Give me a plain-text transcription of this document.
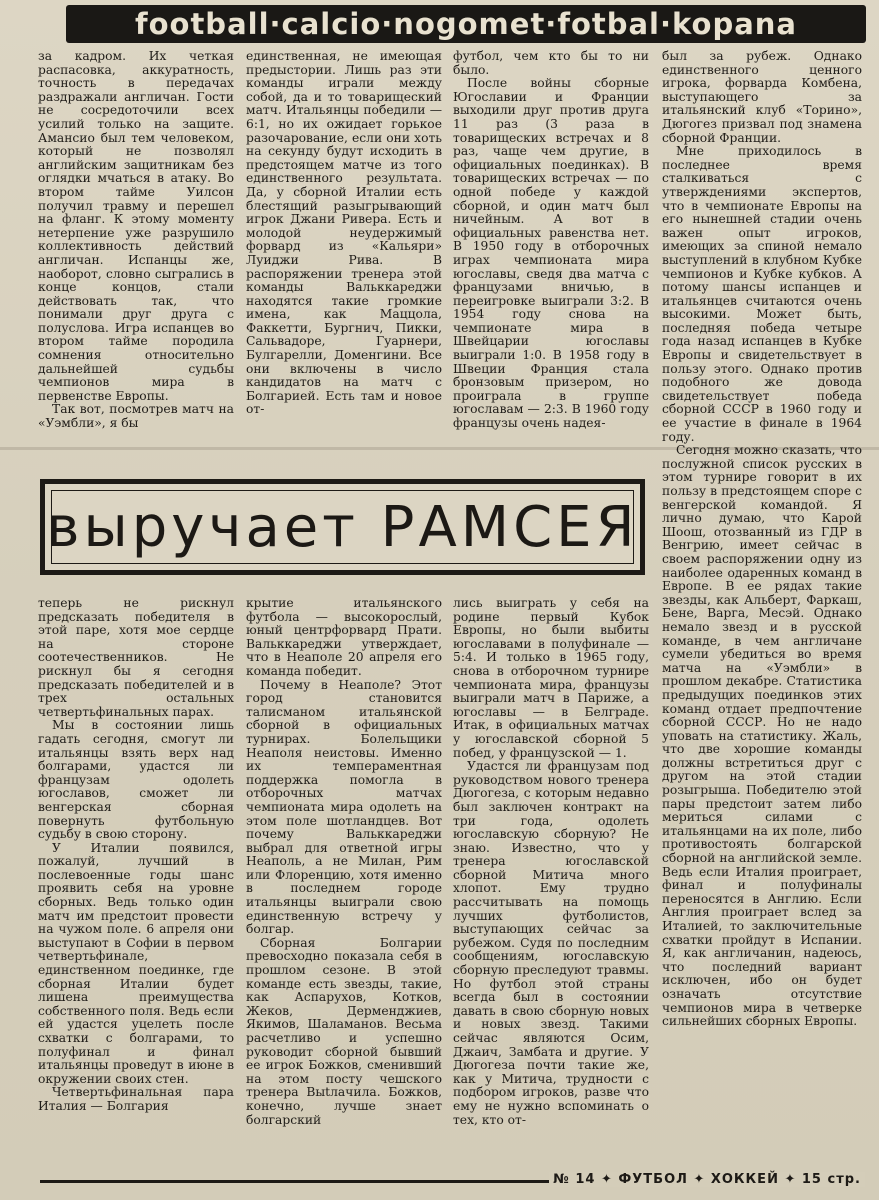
football·calcio·nogomet·fotbal·kopana

за кадром. Их четкая распасовка, аккуратность, точность в передачах раздражали англичан. Гости не сосредоточили всех усилий только на защите. Амансио был тем человеком, который не позволял английским защитникам без оглядки мчаться в атаку. Во втором тайме Уилсон получил травму и перешел на фланг. К этому моменту нетерпение уже разрушило коллективность действий англичан. Испанцы же, наоборот, словно сыгрались в конце концов, стали действовать так, что понимали друг друга с полуслова. Игра испанцев во втором тайме породила сомнения относительно дальнейшей судьбы чемпионов мира в первенстве Европы.

Так вот, посмотрев матч на «Уэмбли», я бы

единственная, не имеющая предыстории. Лишь раз эти команды играли между собой, да и то товарищеский матч. Итальянцы победили — 6:1, но их ожидает горькое разочарование, если они хоть на секунду будут исходить в предстоящем матче из того единственного результата. Да, у сборной Италии есть блестящий разыгрывающий игрок Джани Ривера. Есть и молодой неудержимый форвард из «Кальяри» Луиджи Рива. В распоряжении тренера этой команды Вальккареджи находятся такие громкие имена, как Маццола, Факкетти, Бургнич, Пикки, Сальвадоре, Гуарнери, Булгарелли, Доменгини. Все они включены в число кандидатов на матч с Болгарией. Есть там и новое от-

футбол, чем кто бы то ни было.

После войны сборные Югославии и Франции выходили друг против друга 11 раз (3 раза в товарищеских встречах и 8 раз, чаще чем другие, в официальных поединках). В товарищеских встречах — по одной победе у каждой сборной, и один матч был ничейным. А вот в официальных равенства нет. В 1950 году в отборочных играх чемпионата мира югославы, сведя два матча с французами вничью, в переигровке выиграли 3:2. В 1954 году снова на чемпионате мира в Швейцарии югославы выиграли 1:0. В 1958 году в Швеции Франция стала бронзовым призером, но проиграла в группе югославам — 2:3. В 1960 году французы очень надея-

был за рубеж. Однако единственного ценного игрока, форварда Комбена, выступающего за итальянский клуб «Торино», Дюгогез призвал под знамена сборной Франции.

Мне приходилось в последнее время сталкиваться с утверждениями экспертов, что в чемпионате Европы на его нынешней стадии очень важен опыт игроков, имеющих за спиной немало выступлений в клубном Кубке чемпионов и Кубке кубков. А потому шансы испанцев и итальянцев считаются очень высокими. Может быть, последняя победа четыре года назад испанцев в Кубке Европы и свидетельствует в пользу этого. Однако против подобного же довода свидетельствует победа сборной СССР в 1960 году и ее участие в финале в 1964 году.

Сегодня можно сказать, что послужной список русских в этом турнире говорит в их пользу в предстоящем споре с венгерской командой. Я лично думаю, что Карой Шоош, отозванный из ГДР в Венгрию, имеет сейчас в своем распоряжении одну из наиболее одаренных команд в Европе. В ее рядах такие звезды, как Альберт, Фаркаш, Бене, Варга, Месэй. Однако немало звезд и в русской команде, в чем англичане сумели убедиться во время матча на «Уэмбли» в прошлом декабре. Статистика предыдущих поединков этих команд отдает предпочтение сборной СССР. Но не надо уповать на статистику. Жаль, что две хорошие команды должны встретиться друг с другом на этой стадии розыгрыша. Победителю этой пары предстоит затем либо мериться силами с итальянцами на их поле, либо противостоять болгарской сборной на английской земле. Ведь если Италия проиграет, финал и полуфиналы переносятся в Англию. Если Англия проиграет вслед за Италией, то заключительные схватки пройдут в Испании. Я, как англичанин, надеюсь, что последний вариант исключен, ибо он будет означать отсутствие чемпионов мира в четверке сильнейших сборных Европы.

выручает РАМСЕЯ

теперь не рискнул предсказать победителя в этой паре, хотя мое сердце на стороне соотечественников. Не рискнул бы я сегодня предсказать победителей и в трех остальных четвертьфинальных парах.

Мы в состоянии лишь гадать сегодня, смогут ли итальянцы взять верх над болгарами, удастся ли французам одолеть югославов, сможет ли венгерская сборная повернуть футбольную судьбу в свою сторону.

У Италии появился, пожалуй, лучший в послевоенные годы шанс проявить себя на уровне сборных. Ведь только один матч им предстоит провести на чужом поле. 6 апреля они выступают в Софии в первом четвертьфинале, единственном поединке, где сборная Италии будет лишена преимущества собственного поля. Ведь если ей удастся уцелеть после схватки с болгарами, то полуфинал и финал итальянцы проведут в июне в окружении своих стен.

Четвертьфинальная пара Италия — Болгария

крытие итальянского футбола — высокорослый, юный центрфорвард Прати. Вальккареджи утверждает, что в Неаполе 20 апреля его команда победит.

Почему в Неаполе? Этот город становится талисманом итальянской сборной в официальных турнирах. Болельщики Неаполя неистовы. Именно их темпераментная поддержка помогла в отборочных матчах чемпионата мира одолеть на этом поле шотландцев. Вот почему Вальккареджи выбрал для ответной игры Неаполь, а не Милан, Рим или Флоренцию, хотя именно в последнем городе итальянцы выиграли свою единственную встречу у болгар.

Сборная Болгарии превосходно показала себя в прошлом сезоне. В этой команде есть звезды, такие, как Аспарухов, Котков, Жеков, Дерменджиев, Якимов, Шаламанов. Весьма расчетливо и успешно руководит сборной бывший ее игрок Божков, сменивший на этом посту чешского тренера Выtлачила. Божков, конечно, лучше знает болгарский

лись выиграть у себя на родине первый Кубок Европы, но были выбиты югославами в полуфинале — 5:4. И только в 1965 году, снова в отборочном турнире чемпионата мира, французы выиграли матч в Париже, а югославы — в Белграде. Итак, в официальных матчах у югославской сборной 5 побед, у французской — 1.

Удастся ли французам под руководством нового тренера Дюгогеза, с которым недавно был заключен контракт на три года, одолеть югославскую сборную? Не знаю. Известно, что у тренера югославской сборной Митича много хлопот. Ему трудно рассчитывать на помощь лучших футболистов, выступающих сейчас за рубежом. Судя по последним сообщениям, югославскую сборную преследуют травмы. Но футбол этой страны всегда был в состоянии давать в свою сборную новых и новых звезд. Такими сейчас являются Осим, Джаич, Замбата и другие. У Дюгогеза почти такие же, как у Митича, трудности с подбором игроков, разве что ему не нужно вспоминать о тех, кто от-

№ 14 ✦ ФУТБОЛ ✦ ХОККЕЙ ✦ 15 стр.
